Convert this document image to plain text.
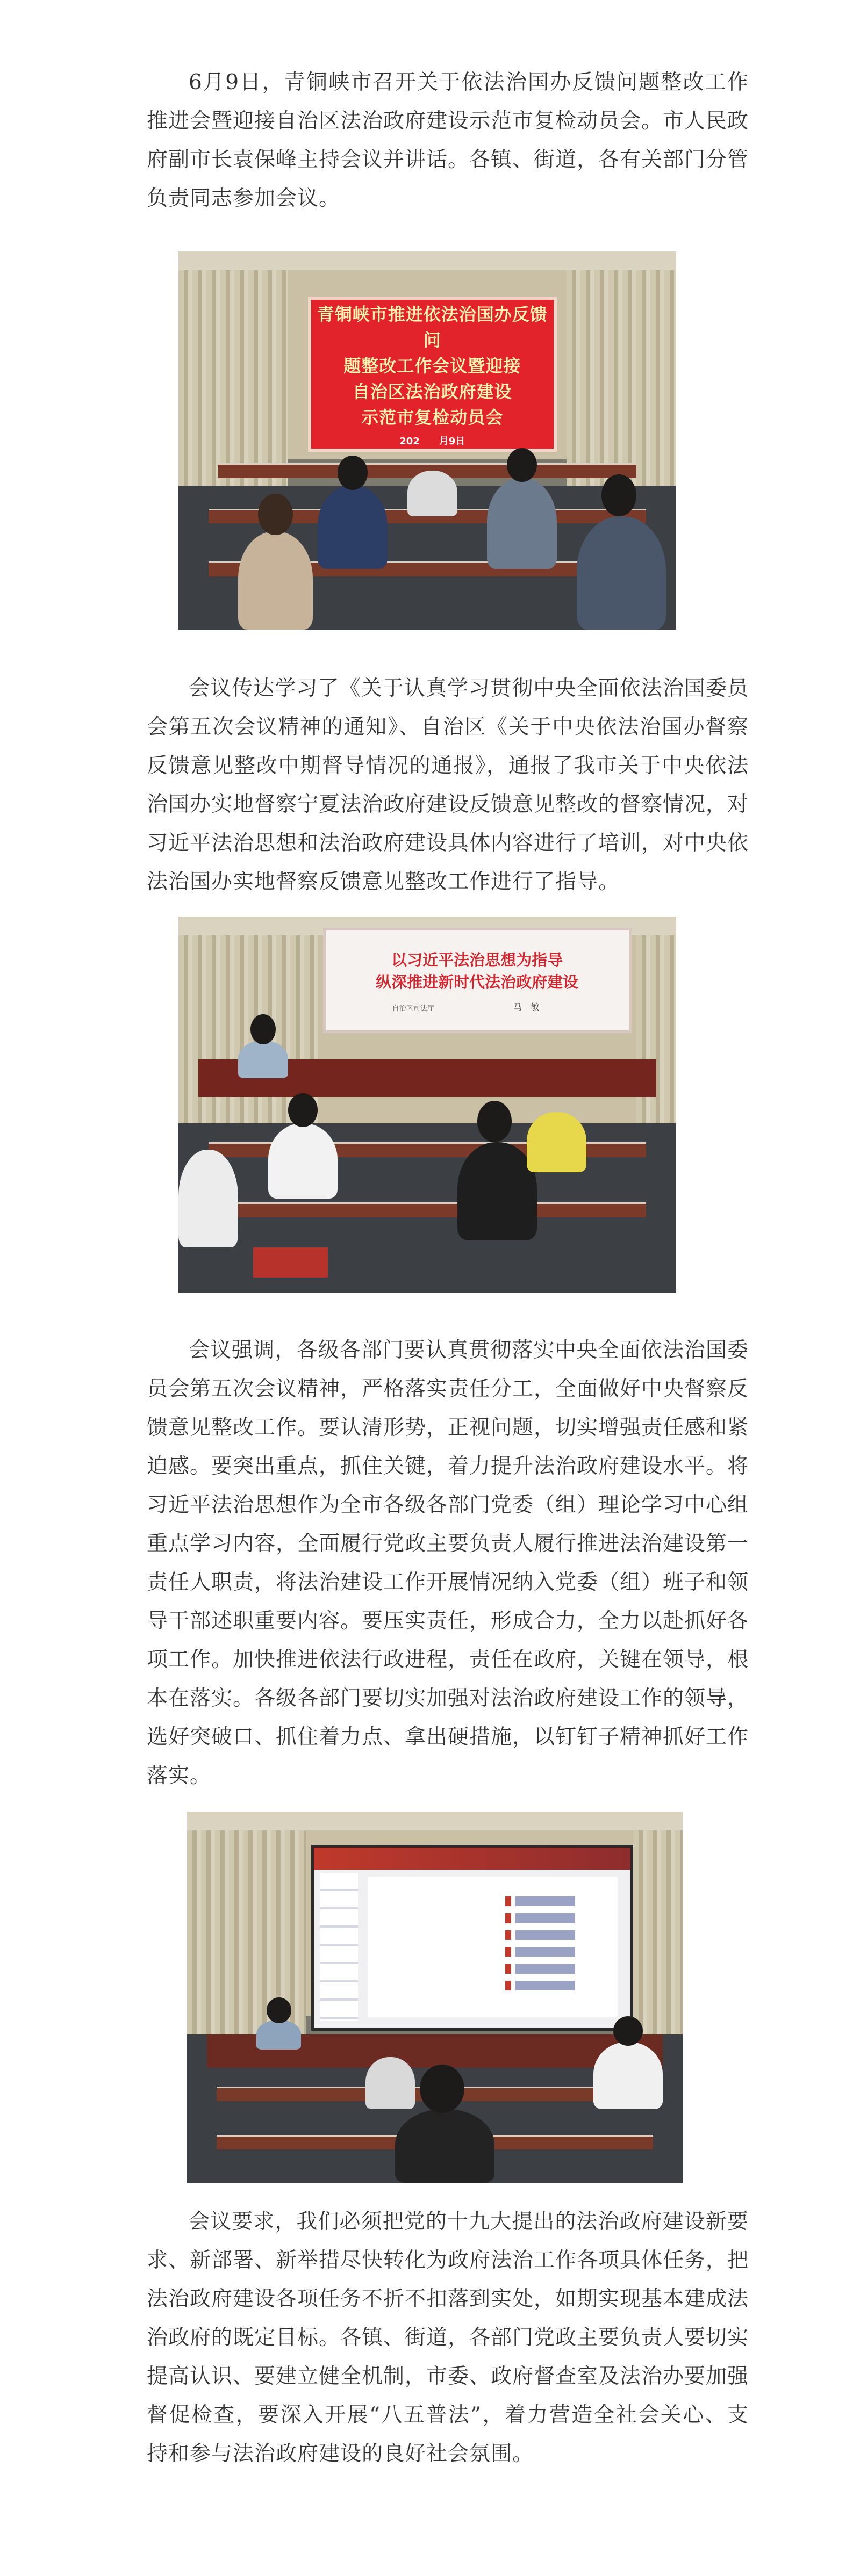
6月9日，青铜峡市召开关于依法治国办反馈问题整改工作推进会暨迎接自治区法治政府建设示范市复检动员会。市人民政府副市长袁保峰主持会议并讲话。各镇、街道，各有关部门分管负责同志参加会议。

青铜峡市推进依法治国办反馈问
题整改工作会议暨迎接
自治区法治政府建设
示范市复检动员会
202　　月9日

会议传达学习了《关于认真学习贯彻中央全面依法治国委员会第五次会议精神的通知》、自治区《关于中央依法治国办督察反馈意见整改中期督导情况的通报》，通报了我市关于中央依法治国办实地督察宁夏法治政府建设反馈意见整改的督察情况，对习近平法治思想和法治政府建设具体内容进行了培训，对中央依法治国办实地督察反馈意见整改工作进行了指导。

以习近平法治思想为指导
纵深推进新时代法治政府建设
自治区司法厅	马　敏

会议强调，各级各部门要认真贯彻落实中央全面依法治国委员会第五次会议精神，严格落实责任分工，全面做好中央督察反馈意见整改工作。要认清形势，正视问题，切实增强责任感和紧迫感。要突出重点，抓住关键，着力提升法治政府建设水平。将习近平法治思想作为全市各级各部门党委（组）理论学习中心组重点学习内容，全面履行党政主要负责人履行推进法治建设第一责任人职责，将法治建设工作开展情况纳入党委（组）班子和领导干部述职重要内容。要压实责任，形成合力，全力以赴抓好各项工作。加快推进依法行政进程，责任在政府，关键在领导，根本在落实。各级各部门要切实加强对法治政府建设工作的领导，选好突破口、抓住着力点、拿出硬措施，以钉钉子精神抓好工作落实。

会议要求，我们必须把党的十九大提出的法治政府建设新要求、新部署、新举措尽快转化为政府法治工作各项具体任务，把法治政府建设各项任务不折不扣落到实处，如期实现基本建成法治政府的既定目标。各镇、街道，各部门党政主要负责人要切实提高认识、要建立健全机制，市委、政府督查室及法治办要加强督促检查，要深入开展“八五普法”，着力营造全社会关心、支持和参与法治政府建设的良好社会氛围。
